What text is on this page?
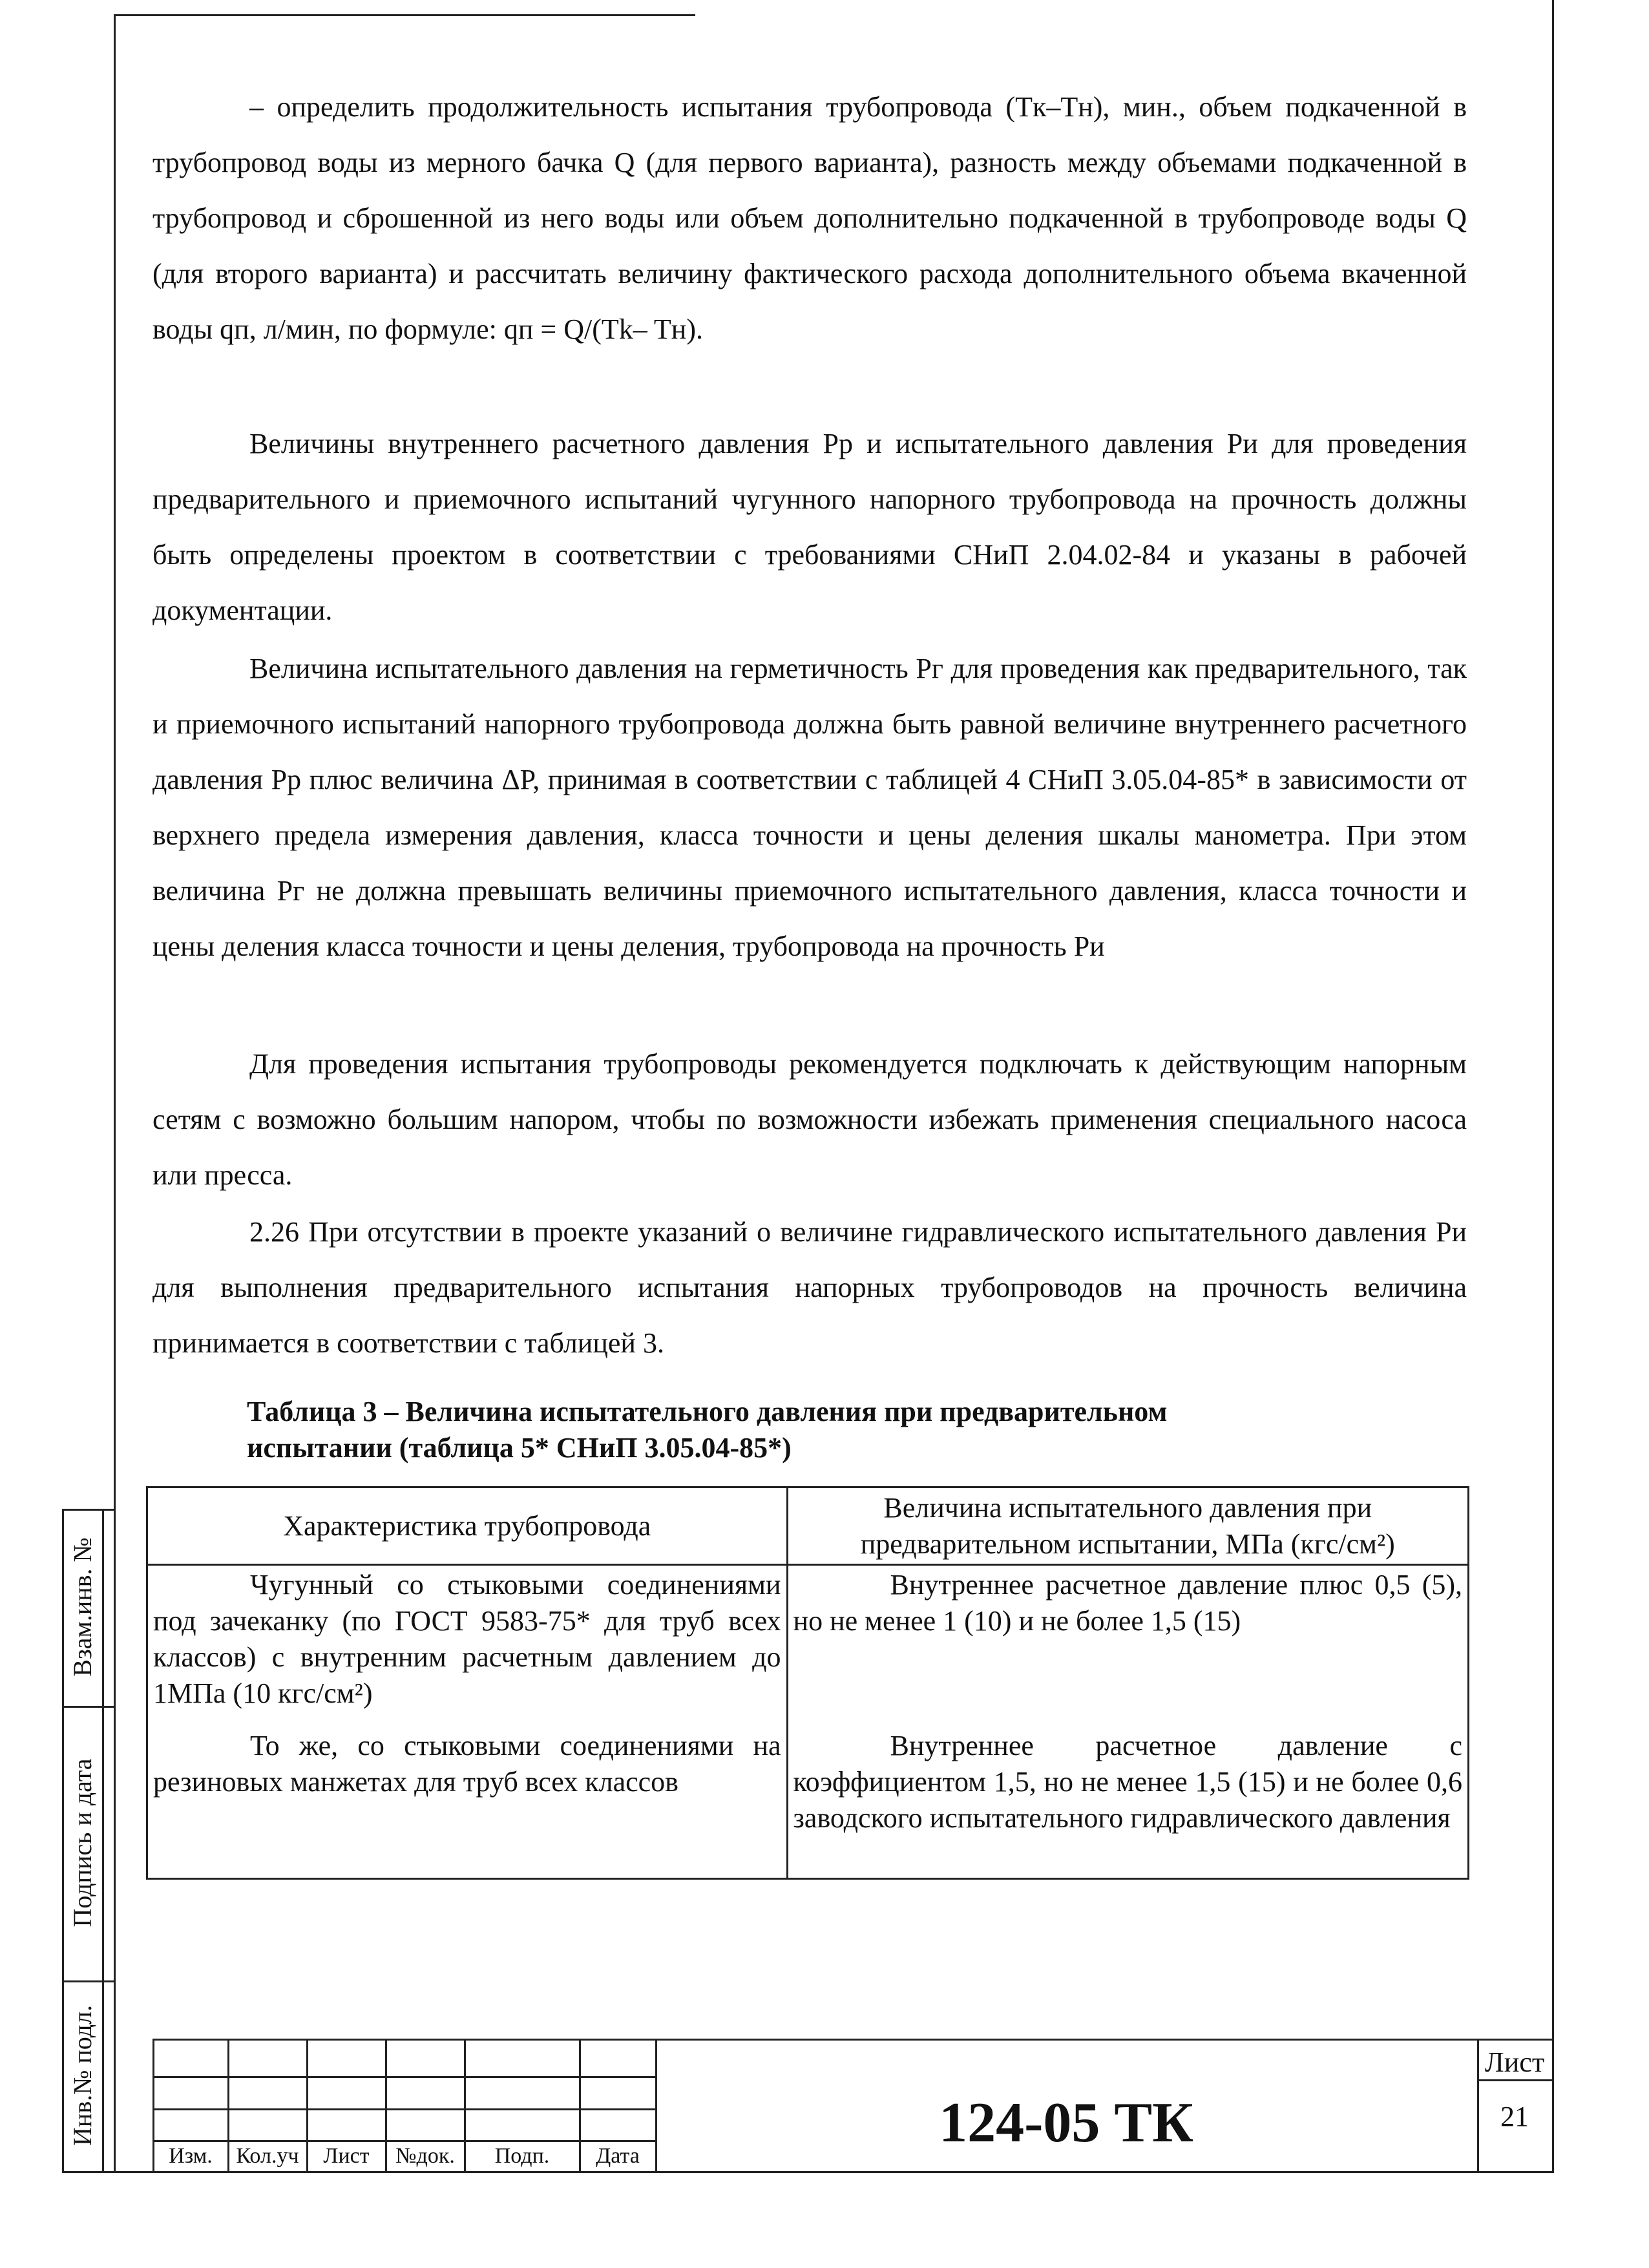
Взам.инв. №
Подпись и дата
Инв.№ подл.

– определить продолжительность испытания трубопровода (Tк–Tн), мин., объем подкаченной в трубопровод воды из мерного бачка Q (для первого варианта), разность между объемами подкаченной в трубопровод и сброшенной из него воды или объем дополнительно подкаченной в трубопроводе воды Q (для второго варианта) и рассчитать величину фактического расхода дополнительного объема вкаченной воды qп, л/мин, по формуле: qп = Q/(Tk– Tн).

Величины внутреннего расчетного давления Pр и испытательного давления Pи для проведения предварительного и приемочного испытаний чугунного напорного трубопровода на прочность должны быть определены проектом в соответствии с требованиями СНиП 2.04.02-84 и указаны в рабочей документации.

Величина испытательного давления на герметичность Pг для проведения как предварительного, так и приемочного испытаний напорного трубопровода должна быть равной величине внутреннего расчетного давления Pр плюс величина ΔP, принимая в соответствии с таблицей 4 СНиП 3.05.04-85* в зависимости от верхнего предела измерения давления, класса точности и цены деления шкалы манометра. При этом величина Pг не должна превышать величины приемочного испытательного давления, класса точности и цены деления класса точности и цены деления, трубопровода на прочность Pи

Для проведения испытания трубопроводы рекомендуется подключать к действующим напорным сетям с возможно большим напором, чтобы по возможности избежать применения специального насоса или пресса.

2.26 При отсутствии в проекте указаний о величине гидравлического испытательного давления Pи для выполнения предварительного испытания напорных трубопроводов на прочность величина принимается в соответствии с таблицей 3.

Таблица 3 – Величина испытательного давления при предварительном
испытании (таблица 5* СНиП 3.05.04-85*)
Характеристика трубопровода	Величина испытательного давления при предварительном испытании, МПа (кгс/см²)
Чугунный со стыковыми соединениями под зачеканку (по ГОСТ 9583-75* для труб всех классов) с внутренним расчетным давлением до 1МПа (10 кгс/см²)	Внутреннее расчетное давление плюс 0,5 (5), но не менее 1 (10) и не более 1,5 (15)
То же, со стыковыми соединениями на резиновых манжетах для труб всех классов	Внутреннее расчетное давление с коэффициентом 1,5, но не менее 1,5 (15) и не более 0,6 заводского испытательного гидравлического давления
Изм.	Кол.уч	Лист	№док.	Подп.	Дата
124-05 ТК
Лист
21
